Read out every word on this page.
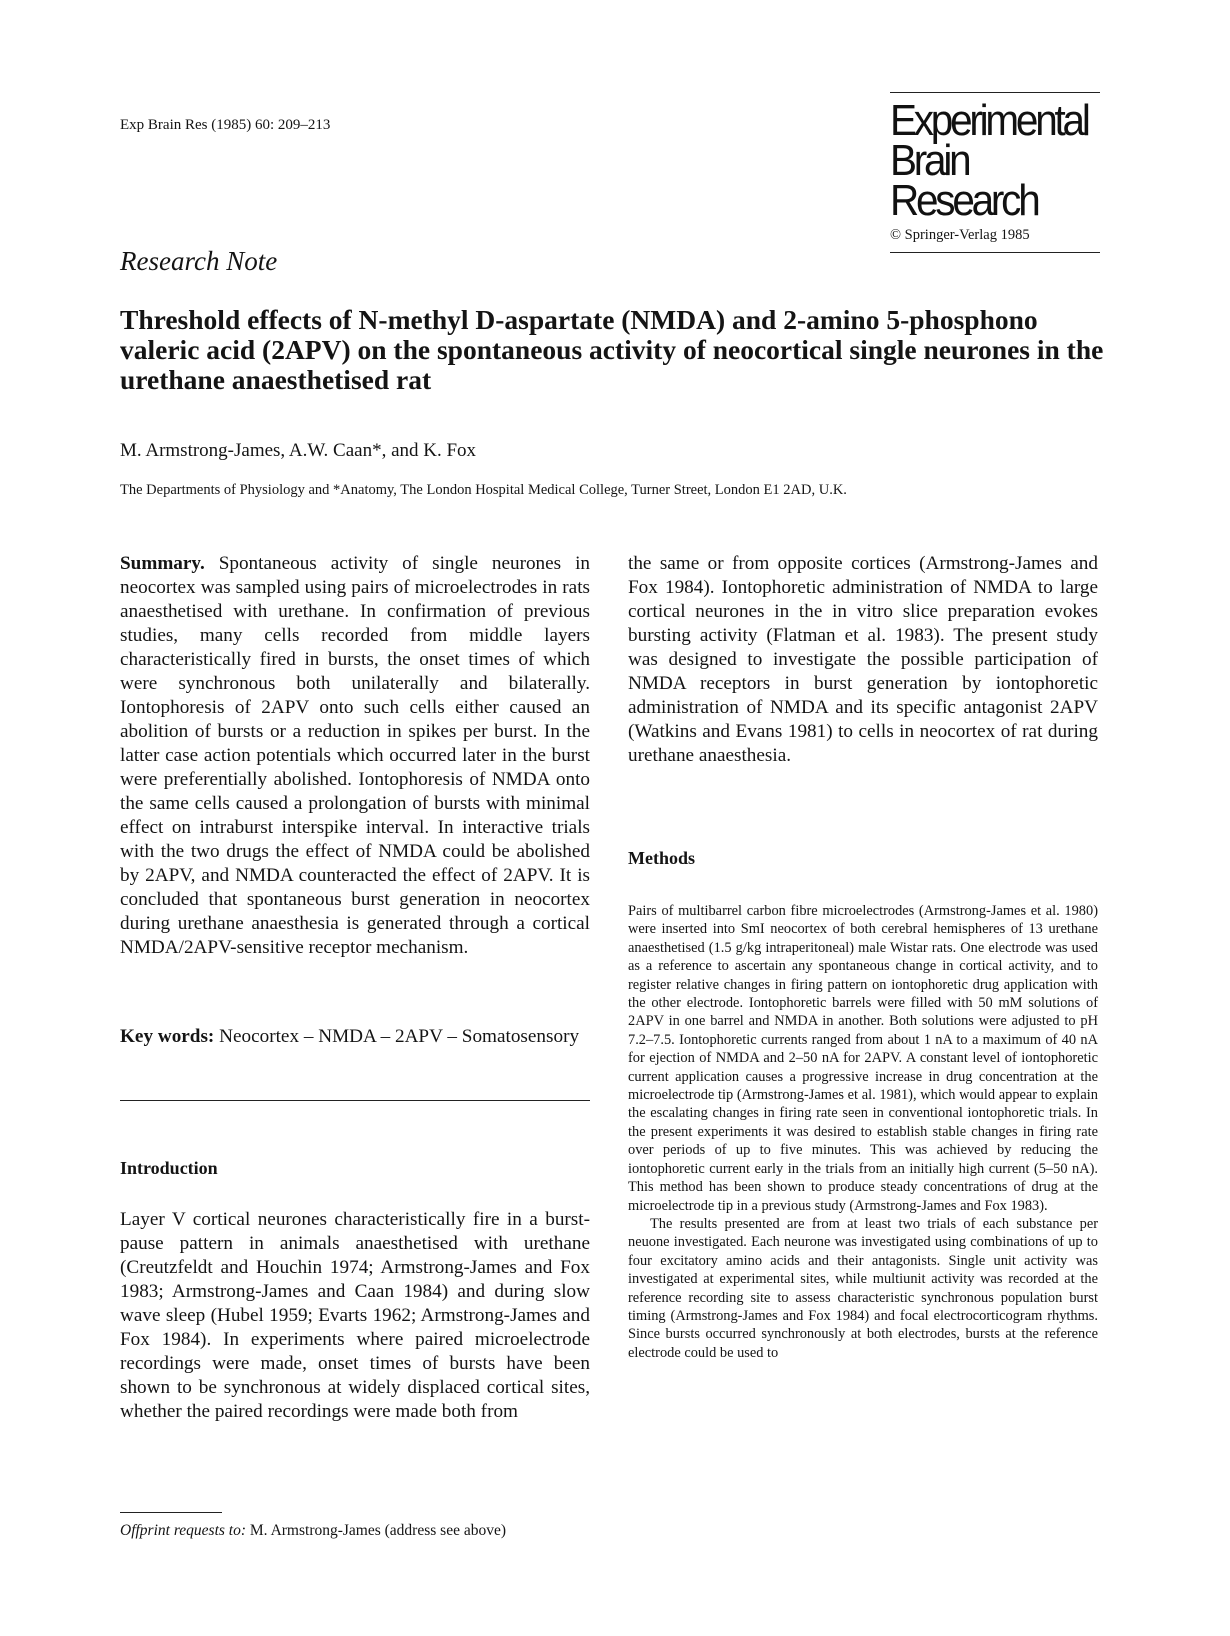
Exp Brain Res (1985) 60: 209–213	Experimental
Brain Research
© Springer-Verlag 1985
Research Note
Threshold effects of N-methyl D-aspartate (NMDA) and 2-amino 5-phosphono valeric acid (2APV) on the spontaneous activity of neocortical single neurones in the urethane anaesthetised rat
M. Armstrong-James, A.W. Caan*, and K. Fox
The Departments of Physiology and *Anatomy, The London Hospital Medical College, Turner Street, London E1 2AD, U.K.
Summary. Spontaneous activity of single neurones in neocortex was sampled using pairs of microelectrodes in rats anaesthetised with urethane. In confirmation of previous studies, many cells recorded from middle layers characteristically fired in bursts, the onset times of which were synchronous both unilaterally and bilaterally. Iontophoresis of 2APV onto such cells either caused an abolition of bursts or a reduction in spikes per burst. In the latter case action potentials which occurred later in the burst were preferentially abolished. Iontophoresis of NMDA onto the same cells caused a prolongation of bursts with minimal effect on intraburst interspike interval. In interactive trials with the two drugs the effect of NMDA could be abolished by 2APV, and NMDA counteracted the effect of 2APV. It is concluded that spontaneous burst generation in neocortex during urethane anaesthesia is generated through a cortical NMDA/2APV-sensitive receptor mechanism.
Key words: Neocortex – NMDA – 2APV – Somatosensory
Introduction
Layer V cortical neurones characteristically fire in a burst-pause pattern in animals anaesthetised with urethane (Creutzfeldt and Houchin 1974; Armstrong-James and Fox 1983; Armstrong-James and Caan 1984) and during slow wave sleep (Hubel 1959; Evarts 1962; Armstrong-James and Fox 1984). In experiments where paired microelectrode recordings were made, onset times of bursts have been shown to be synchronous at widely displaced cortical sites, whether the paired recordings were made both from
Offprint requests to: M. Armstrong-James (address see above)
the same or from opposite cortices (Armstrong-James and Fox 1984). Iontophoretic administration of NMDA to large cortical neurones in the in vitro slice preparation evokes bursting activity (Flatman et al. 1983). The present study was designed to investigate the possible participation of NMDA receptors in burst generation by iontophoretic administration of NMDA and its specific antagonist 2APV (Watkins and Evans 1981) to cells in neocortex of rat during urethane anaesthesia.
Methods

Pairs of multibarrel carbon fibre microelectrodes (Armstrong-James et al. 1980) were inserted into SmI neocortex of both cerebral hemispheres of 13 urethane anaesthetised (1.5 g/kg intraperitoneal) male Wistar rats. One electrode was used as a reference to ascertain any spontaneous change in cortical activity, and to register relative changes in firing pattern on iontophoretic drug application with the other electrode. Iontophoretic barrels were filled with 50 mM solutions of 2APV in one barrel and NMDA in another. Both solutions were adjusted to pH 7.2–7.5. Iontophoretic currents ranged from about 1 nA to a maximum of 40 nA for ejection of NMDA and 2–50 nA for 2APV. A constant level of iontophoretic current application causes a progressive increase in drug concentration at the microelectrode tip (Armstrong-James et al. 1981), which would appear to explain the escalating changes in firing rate seen in conventional iontophoretic trials. In the present experiments it was desired to establish stable changes in firing rate over periods of up to five minutes. This was achieved by reducing the iontophoretic current early in the trials from an initially high current (5–50 nA). This method has been shown to produce steady concentrations of drug at the microelectrode tip in a previous study (Armstrong-James and Fox 1983).

The results presented are from at least two trials of each substance per neuone investigated. Each neurone was investigated using combinations of up to four excitatory amino acids and their antagonists. Single unit activity was investigated at experimental sites, while multiunit activity was recorded at the reference recording site to assess characteristic synchronous population burst timing (Armstrong-James and Fox 1984) and focal electrocorticogram rhythms. Since bursts occurred synchronously at both electrodes, bursts at the reference electrode could be used to
